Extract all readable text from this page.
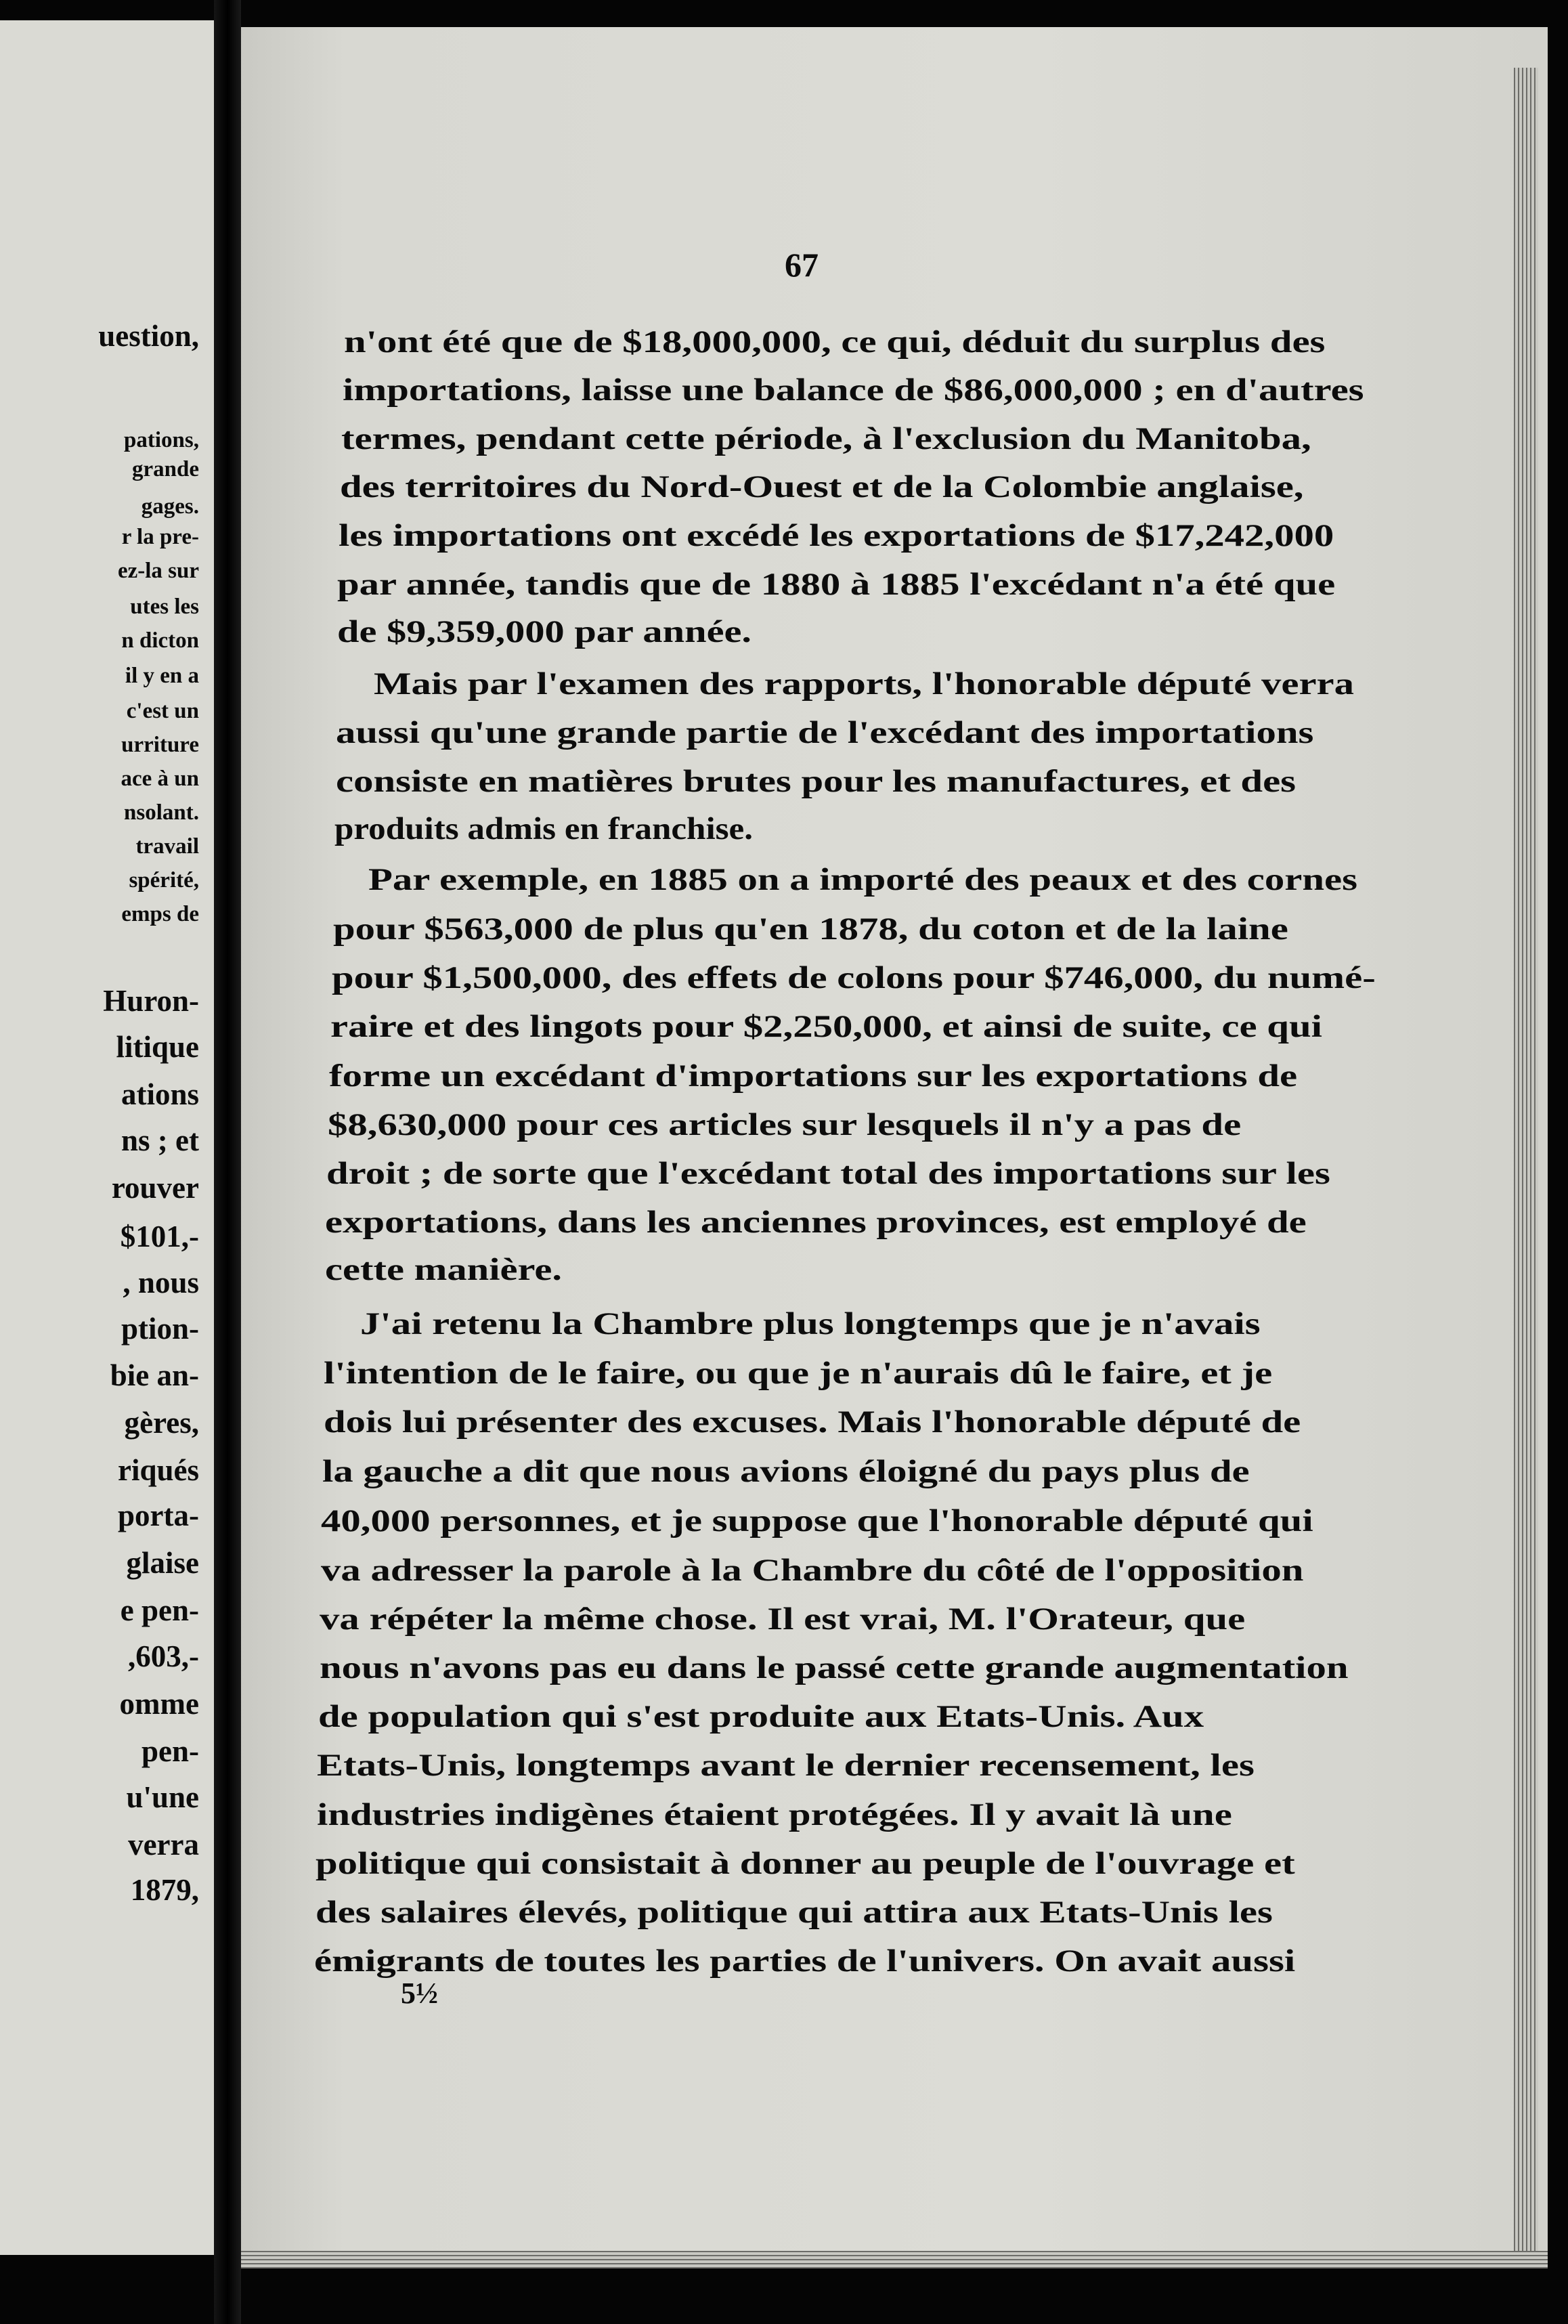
uestion,
pations,
grande
gages.
r la pre-
ez-la sur
utes les
n dicton
il y en a
c'est un
urriture
ace à un
nsolant.
travail
spérité,
emps de
Huron-
litique
ations
ns ; et
rouver
$101,-
, nous
ption-
bie an-
gères,
riqués
porta-
glaise
e pen-
,603,-
omme
pen-
u'une
verra
1879,
67
n'ont été que de $18,000,000, ce qui, déduit du surplus des
importations, laisse une balance de $86,000,000 ; en d'autres
termes, pendant cette période, à l'exclusion du Manitoba,
des territoires du Nord-Ouest et de la Colombie anglaise,
les importations ont excédé les exportations de $17,242,000
par année, tandis que de 1880 à 1885 l'excédant n'a été que
de $9,359,000 par année.
Mais par l'examen des rapports, l'honorable député verra
aussi qu'une grande partie de l'excédant des importations
consiste en matières brutes pour les manufactures, et des
produits admis en franchise.
Par exemple, en 1885 on a importé des peaux et des cornes
pour $563,000 de plus qu'en 1878, du coton et de la laine
pour $1,500,000, des effets de colons pour $746,000, du numé-
raire et des lingots pour $2,250,000, et ainsi de suite, ce qui
forme un excédant d'importations sur les exportations de
$8,630,000 pour ces articles sur lesquels il n'y a pas de
droit ; de sorte que l'excédant total des importations sur les
exportations, dans les anciennes provinces, est employé de
cette manière.
J'ai retenu la Chambre plus longtemps que je n'avais
l'intention de le faire, ou que je n'aurais dû le faire, et je
dois lui présenter des excuses. Mais l'honorable député de
la gauche a dit que nous avions éloigné du pays plus de
40,000 personnes, et je suppose que l'honorable député qui
va adresser la parole à la Chambre du côté de l'opposition
va répéter la même chose. Il est vrai, M. l'Orateur, que
nous n'avons pas eu dans le passé cette grande augmentation
de population qui s'est produite aux Etats-Unis. Aux
Etats-Unis, longtemps avant le dernier recensement, les
industries indigènes étaient protégées. Il y avait là une
politique qui consistait à donner au peuple de l'ouvrage et
des salaires élevés, politique qui attira aux Etats-Unis les
émigrants de toutes les parties de l'univers. On avait aussi
5½
